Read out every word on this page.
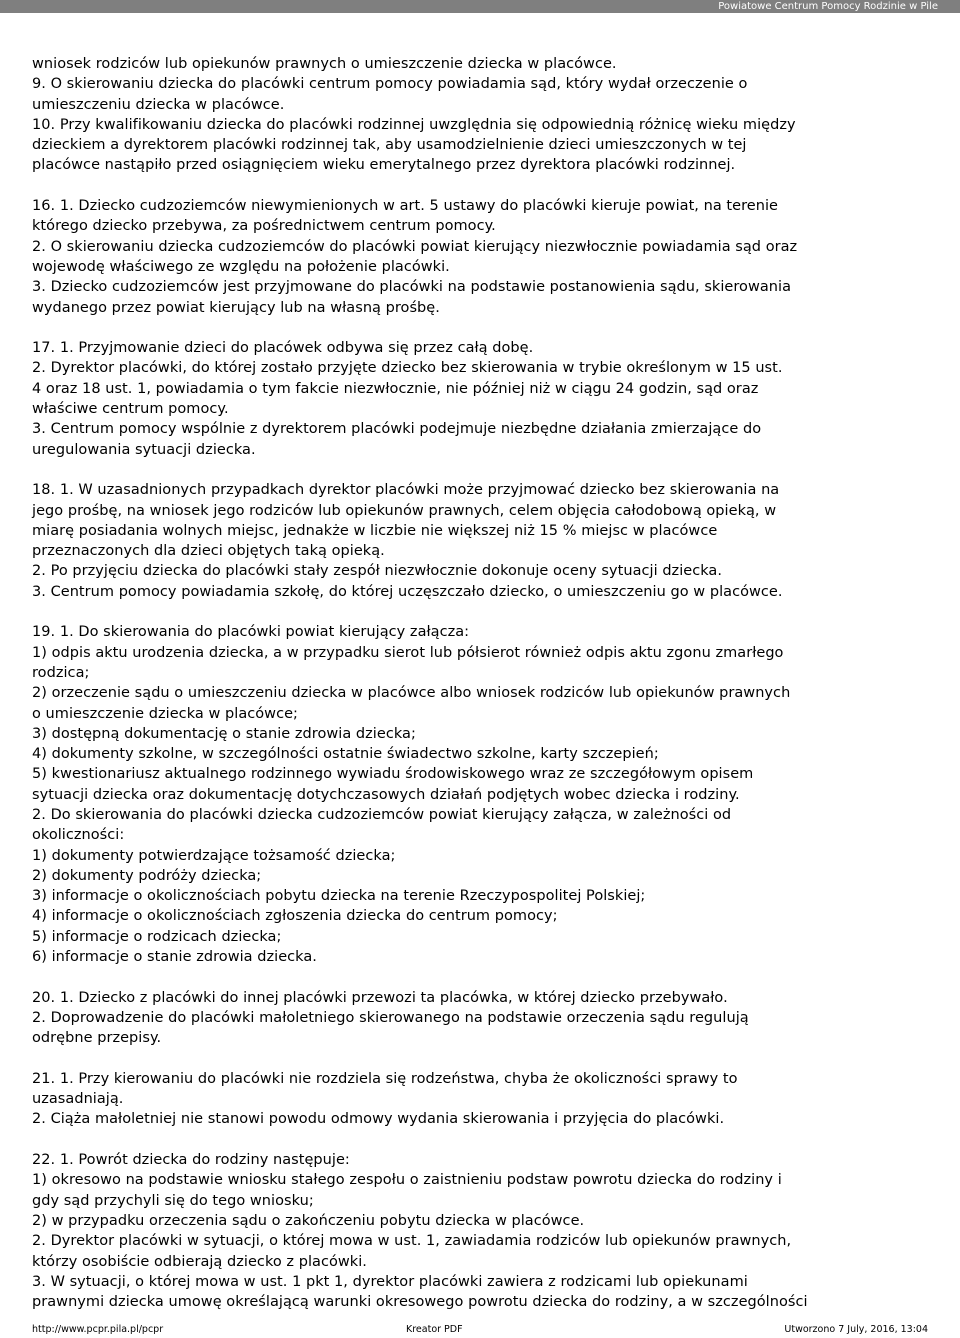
Powiatowe Centrum Pomocy Rodzinie w Pile
wniosek rodziców lub opiekunów prawnych o umieszczenie dziecka w placówce.
9. O skierowaniu dziecka do placówki centrum pomocy powiadamia sąd, który wydał orzeczenie o
umieszczeniu dziecka w placówce.
10. Przy kwalifikowaniu dziecka do placówki rodzinnej uwzględnia się odpowiednią różnicę wieku między
dzieckiem a dyrektorem placówki rodzinnej tak, aby usamodzielnienie dzieci umieszczonych w tej
placówce nastąpiło przed osiągnięciem wieku emerytalnego przez dyrektora placówki rodzinnej.
16. 1. Dziecko cudzoziemców niewymienionych w art. 5 ustawy do placówki kieruje powiat, na terenie
którego dziecko przebywa, za pośrednictwem centrum pomocy.
2. O skierowaniu dziecka cudzoziemców do placówki powiat kierujący niezwłocznie powiadamia sąd oraz
wojewodę właściwego ze względu na położenie placówki.
3. Dziecko cudzoziemców jest przyjmowane do placówki na podstawie postanowienia sądu, skierowania
wydanego przez powiat kierujący lub na własną prośbę.
17. 1. Przyjmowanie dzieci do placówek odbywa się przez całą dobę.
2. Dyrektor placówki, do której zostało przyjęte dziecko bez skierowania w trybie określonym w 15 ust.
4 oraz 18 ust. 1, powiadamia o tym fakcie niezwłocznie, nie później niż w ciągu 24 godzin, sąd oraz
właściwe centrum pomocy.
3. Centrum pomocy wspólnie z dyrektorem placówki podejmuje niezbędne działania zmierzające do
uregulowania sytuacji dziecka.
18. 1. W uzasadnionych przypadkach dyrektor placówki może przyjmować dziecko bez skierowania na
jego prośbę, na wniosek jego rodziców lub opiekunów prawnych, celem objęcia całodobową opieką, w
miarę posiadania wolnych miejsc, jednakże w liczbie nie większej niż 15 % miejsc w placówce
przeznaczonych dla dzieci objętych taką opieką.
2. Po przyjęciu dziecka do placówki stały zespół niezwłocznie dokonuje oceny sytuacji dziecka.
3. Centrum pomocy powiadamia szkołę, do której uczęszczało dziecko, o umieszczeniu go w placówce.
19. 1. Do skierowania do placówki powiat kierujący załącza:
1) odpis aktu urodzenia dziecka, a w przypadku sierot lub półsierot również odpis aktu zgonu zmarłego
rodzica;
2) orzeczenie sądu o umieszczeniu dziecka w placówce albo wniosek rodziców lub opiekunów prawnych
o umieszczenie dziecka w placówce;
3) dostępną dokumentację o stanie zdrowia dziecka;
4) dokumenty szkolne, w szczególności ostatnie świadectwo szkolne, karty szczepień;
5) kwestionariusz aktualnego rodzinnego wywiadu środowiskowego wraz ze szczegółowym opisem
sytuacji dziecka oraz dokumentację dotychczasowych działań podjętych wobec dziecka i rodziny.
2. Do skierowania do placówki dziecka cudzoziemców powiat kierujący załącza, w zależności od
okoliczności:
1) dokumenty potwierdzające tożsamość dziecka;
2) dokumenty podróży dziecka;
3) informacje o okolicznościach pobytu dziecka na terenie Rzeczypospolitej Polskiej;
4) informacje o okolicznościach zgłoszenia dziecka do centrum pomocy;
5) informacje o rodzicach dziecka;
6) informacje o stanie zdrowia dziecka.
20. 1. Dziecko z placówki do innej placówki przewozi ta placówka, w której dziecko przebywało.
2. Doprowadzenie do placówki małoletniego skierowanego na podstawie orzeczenia sądu regulują
odrębne przepisy.
21. 1. Przy kierowaniu do placówki nie rozdziela się rodzeństwa, chyba że okoliczności sprawy to
uzasadniają.
2. Ciąża małoletniej nie stanowi powodu odmowy wydania skierowania i przyjęcia do placówki.
22. 1. Powrót dziecka do rodziny następuje:
1) okresowo na podstawie wniosku stałego zespołu o zaistnieniu podstaw powrotu dziecka do rodziny i
gdy sąd przychyli się do tego wniosku;
2) w przypadku orzeczenia sądu o zakończeniu pobytu dziecka w placówce.
2. Dyrektor placówki w sytuacji, o której mowa w ust. 1, zawiadamia rodziców lub opiekunów prawnych,
którzy osobiście odbierają dziecko z placówki.
3. W sytuacji, o której mowa w ust. 1 pkt 1, dyrektor placówki zawiera z rodzicami lub opiekunami
prawnymi dziecka umowę określającą warunki okresowego powrotu dziecka do rodziny, a w szczególności
http://www.pcpr.pila.pl/pcpr	Kreator PDF	Utworzono 7 July, 2016, 13:04
